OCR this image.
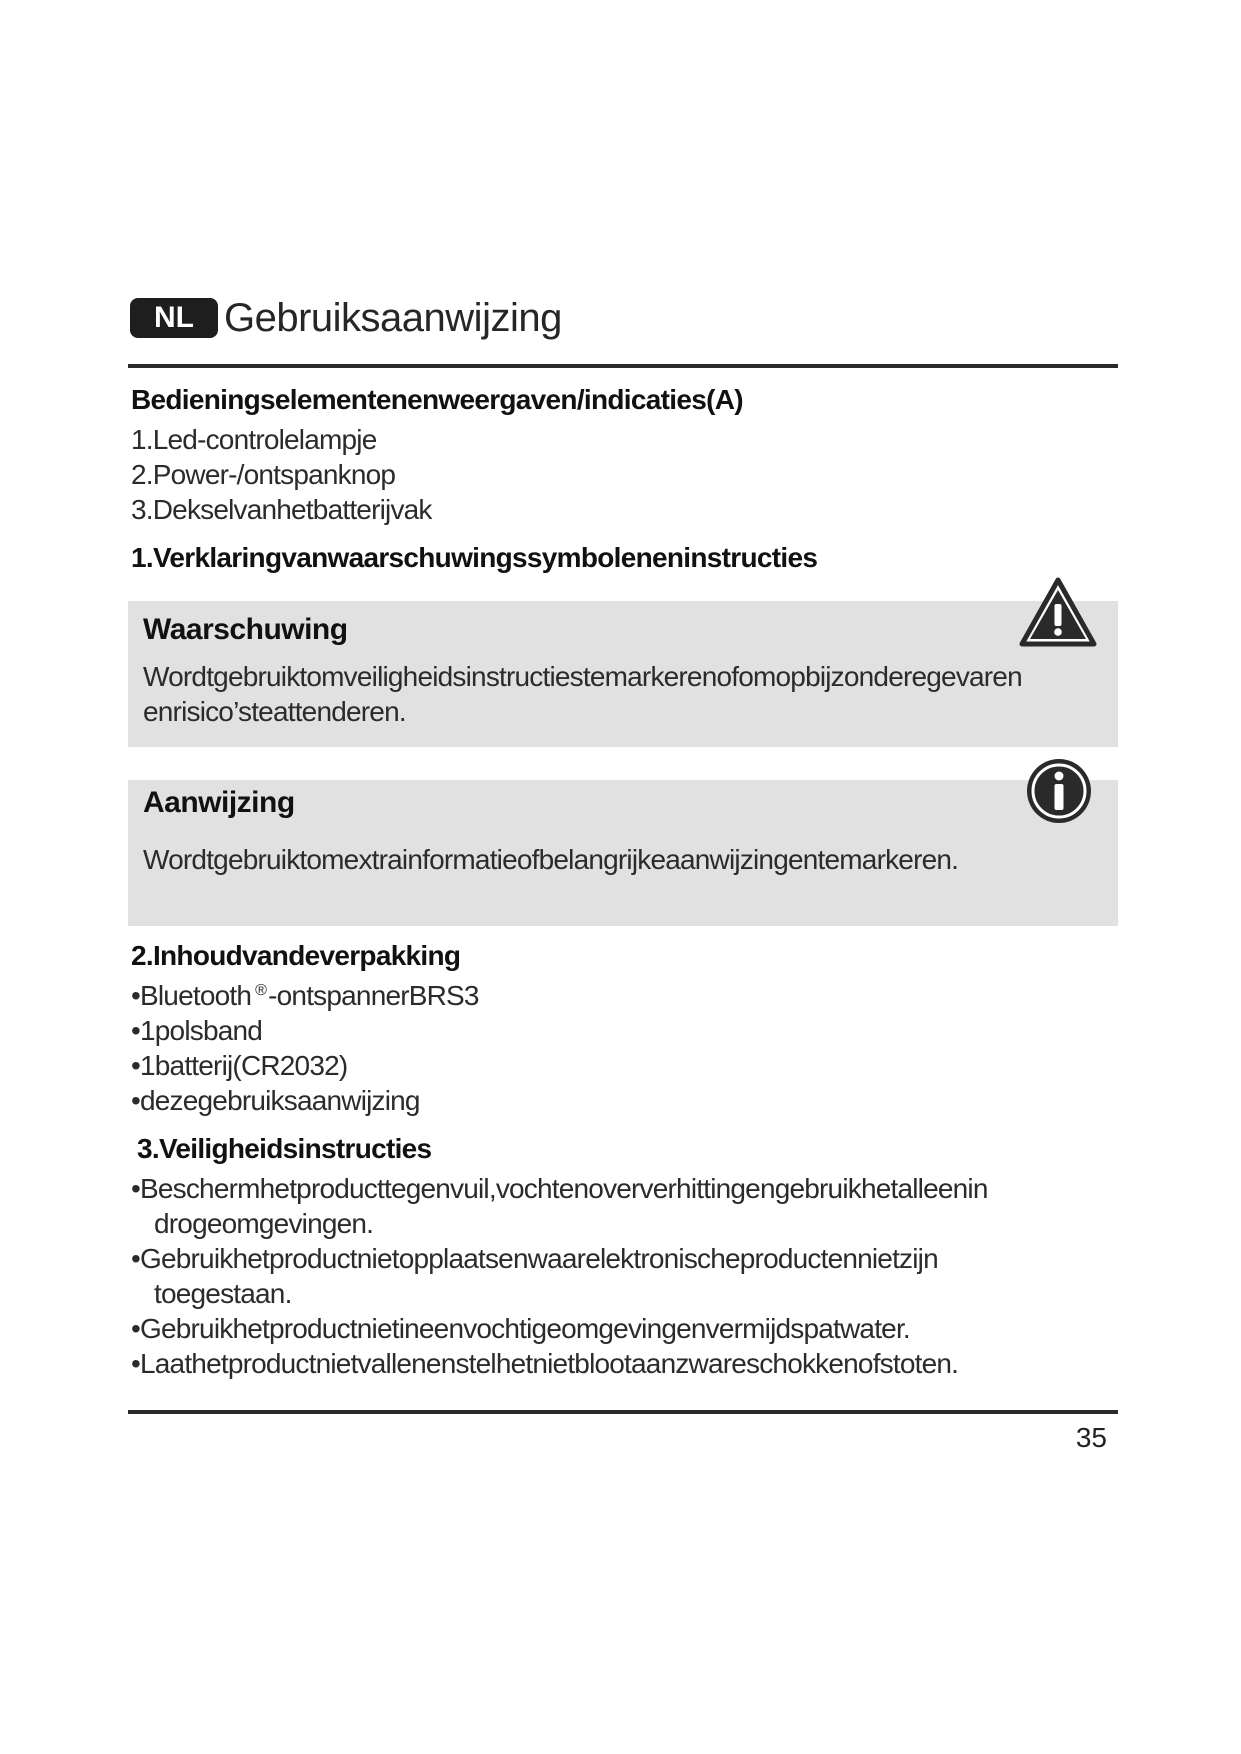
NL Gebruiksaanwijzing
Bedieningselementenenweergaven/indicaties(A)
1.Led-controlelampje
2.Power-/ontspanknop
3.Dekselvanhetbatterijvak
1.Verklaringvanwaarschuwingssymboleneninstructies
Waarschuwing
Wordtgebruiktomveiligheidsinstructiestemarkerenofomopbijzonderegevaren
enrisico’steattenderen.
Aanwijzing
Wordtgebruiktomextrainformatieofbelangrijkeaanwijzingentemarkeren.
2.Inhoudvandeverpakking
•Bluetooth ®-ontspannerBRS3
•1polsband
•1batterij(CR2032)
•dezegebruiksaanwijzing
3.Veiligheidsinstructies
•Beschermhetproducttegenvuil,vochtenoververhittingengebruikhetalleenin
drogeomgevingen.
•Gebruikhetproductnietopplaatsenwaarelektronischeproductennietzijn
toegestaan.
•Gebruikhetproductnietineenvochtigeomgevingenvermijdspatwater.
•Laathetproductnietvallenenstelhetnietblootaanzwareschokkenofstoten.
35
